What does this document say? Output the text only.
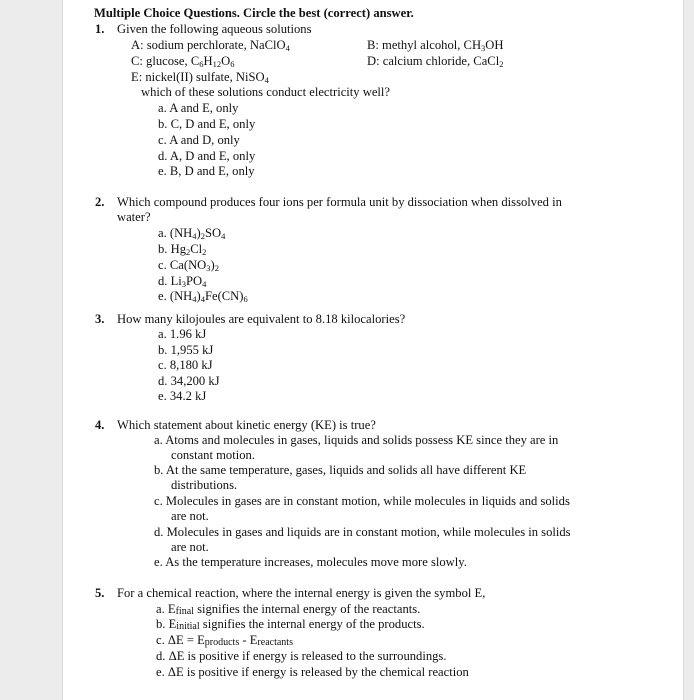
Multiple Choice Questions. Circle the best (correct) answer.
1. Given the following aqueous solutions
A: sodium perchlorate, NaClO$_4$	B: methyl alcohol, $CH_3OH$
C: glucose, $C_6H_{12}O_6$	D: calcium chloride, CaCl$_2$
E: nickel(II) sulfate, NiSO$_4$
which of these solutions conduct electricity well?
a. A and E, only
b. C, D and E, only
c. A and D, only
d. A, D and E, only
e. B, D and E, only
2. Which compound produces four ions per formula unit by dissociation when dissolved in
water?
a. $(NH_4)_2SO_4$
b. $Hg_2Cl_2$
c. $Ca(NO_3)_2$
d. $Li_3PO_4$
e. $(NH_4)_4Fe(CN)_6$
3. How many kilojoules are equivalent to 8.18 kilocalories?
a. 1.96 kJ
b. 1,955 kJ
c. 8,180 kJ
d. 34,200 kJ
e. 34.2 kJ
4. Which statement about kinetic energy (KE) is true?
a. Atoms and molecules in gases, liquids and solids possess KE since they are in
constant motion.
b. At the same temperature, gases, liquids and solids all have different KE
distributions.
c. Molecules in gases are in constant motion, while molecules in liquids and solids
are not.
d. Molecules in gases and liquids are in constant motion, while molecules in solids
are not.
e. As the temperature increases, molecules move more slowly.
5. For a chemical reaction, where the internal energy is given the symbol E,
a. $E_{final}$ signifies the internal energy of the reactants.
b. $E_{initial}$ signifies the internal energy of the products.
c. $\Delta E = E_{products} - E_{reactants}$
d. ΔE is positive if energy is released to the surroundings.
e. ΔE is positive if energy is released by the chemical reaction
